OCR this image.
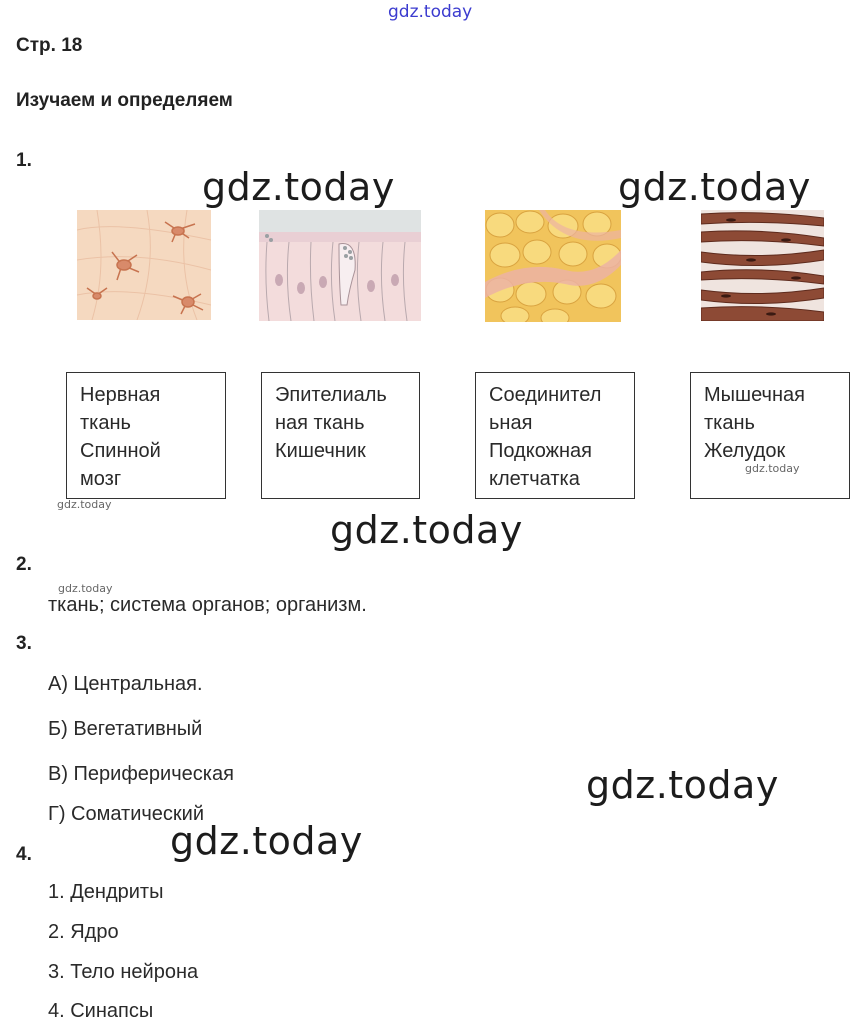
gdz.today
Стр. 18
Изучаем и определяем
1.
gdz.today	gdz.today
Нервная
ткань
Спинной
мозг
Эпителиаль
ная ткань
Кишечник
Соединител
ьная
Подкожная
клетчатка
Мышечная
ткань
Желудок
gdz.today
gdz.today
gdz.today
2.
gdz.today
ткань; система органов; организм.
3.
А) Центральная.
Б) Вегетативный
В) Периферическая
Г) Соматический
gdz.today
gdz.today
4.
1. Дендриты
2. Ядро
3. Тело нейрона
4. Синапсы
